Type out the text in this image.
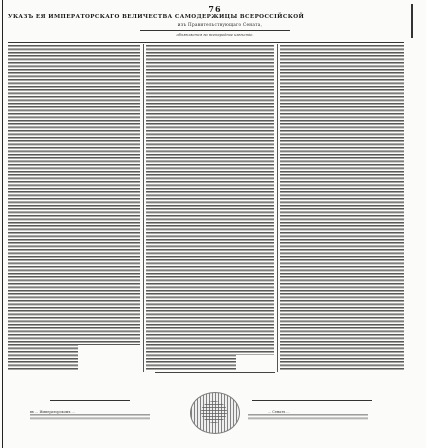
76
УКАЗЪ ЕЯ ИМПЕРАТОРСКАГО ВЕЛИЧЕСТВА САМОДЕРЖИЦЫ ВСЕРОССІЙСКОЙ
изъ Правительствующаго Сената,
объявляется во всенародное извѣстіе.
въ ... Императорскомъ ...	... Сенатъ ...
